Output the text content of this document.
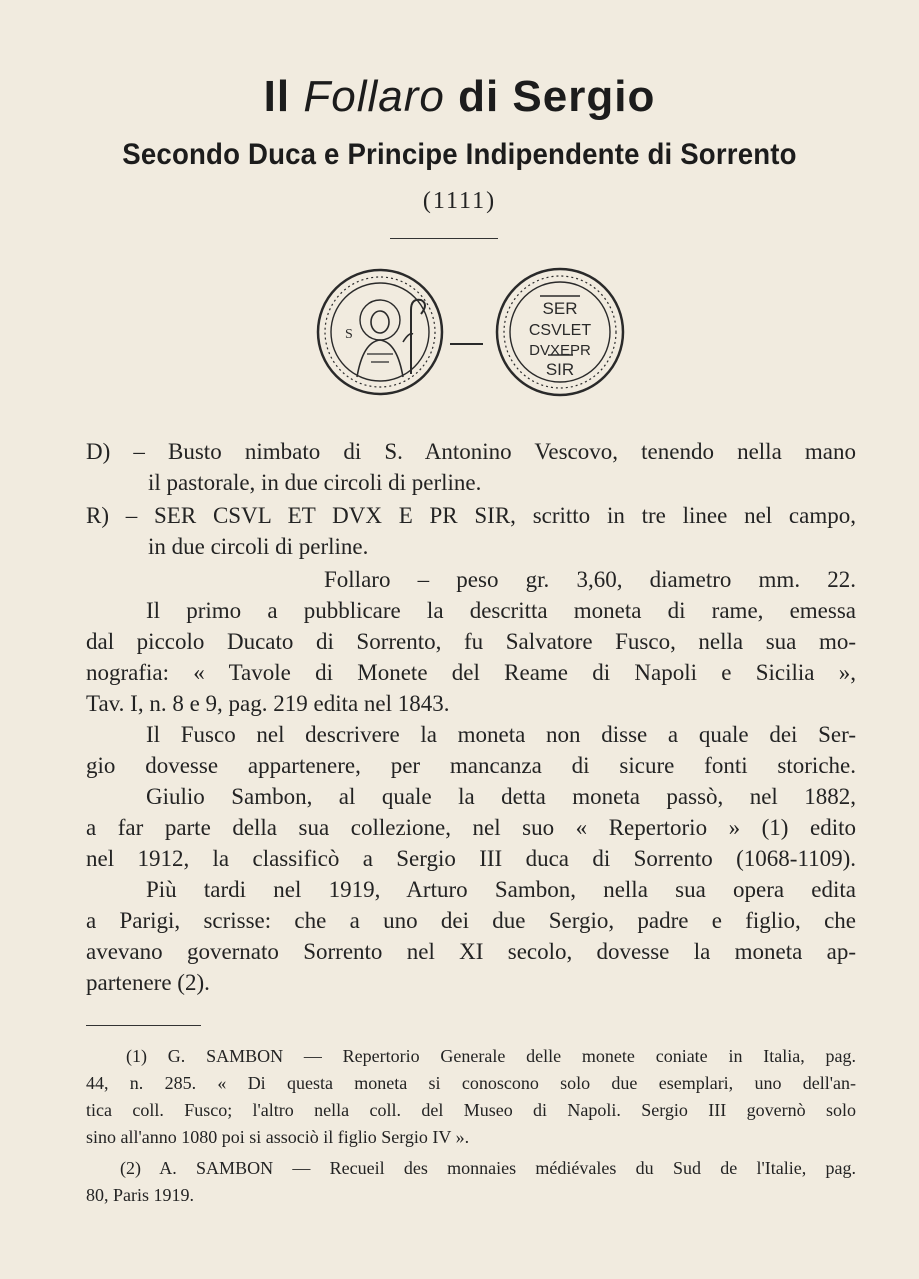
Il Follaro di Sergio
Secondo Duca e Principe Indipendente di Sorrento
(1111)
S
SER
CSVLET
DVXEPR
SIR
D) – Busto nimbato di S. Antonino Vescovo, tenendo nella mano
il pastorale, in due circoli di perline.
R) – SER CSVL ET DVX E PR SIR, scritto in tre linee nel campo,
in due circoli di perline.
Follaro – peso gr. 3,60, diametro mm. 22.
Il primo a pubblicare la descritta moneta di rame, emessa
dal piccolo Ducato di Sorrento, fu Salvatore Fusco, nella sua mo-
nografia: « Tavole di Monete del Reame di Napoli e Sicilia »,
Tav. I, n. 8 e 9, pag. 219 edita nel 1843.
Il Fusco nel descrivere la moneta non disse a quale dei Ser-
gio dovesse appartenere, per mancanza di sicure fonti storiche.
Giulio Sambon, al quale la detta moneta passò, nel 1882,
a far parte della sua collezione, nel suo « Repertorio » (1) edito
nel 1912, la classificò a Sergio III duca di Sorrento (1068-1109).
Più tardi nel 1919, Arturo Sambon, nella sua opera edita
a Parigi, scrisse: che a uno dei due Sergio, padre e figlio, che
avevano governato Sorrento nel XI secolo, dovesse la moneta ap-
partenere (2).
(1) G. SAMBON — Repertorio Generale delle monete coniate in Italia, pag.
44, n. 285. « Di questa moneta si conoscono solo due esemplari, uno dell'an-
tica coll. Fusco; l'altro nella coll. del Museo di Napoli. Sergio III governò solo
sino all'anno 1080 poi si associò il figlio Sergio IV ».
(2) A. SAMBON — Recueil des monnaies médiévales du Sud de l'Italie, pag.
80, Paris 1919.
